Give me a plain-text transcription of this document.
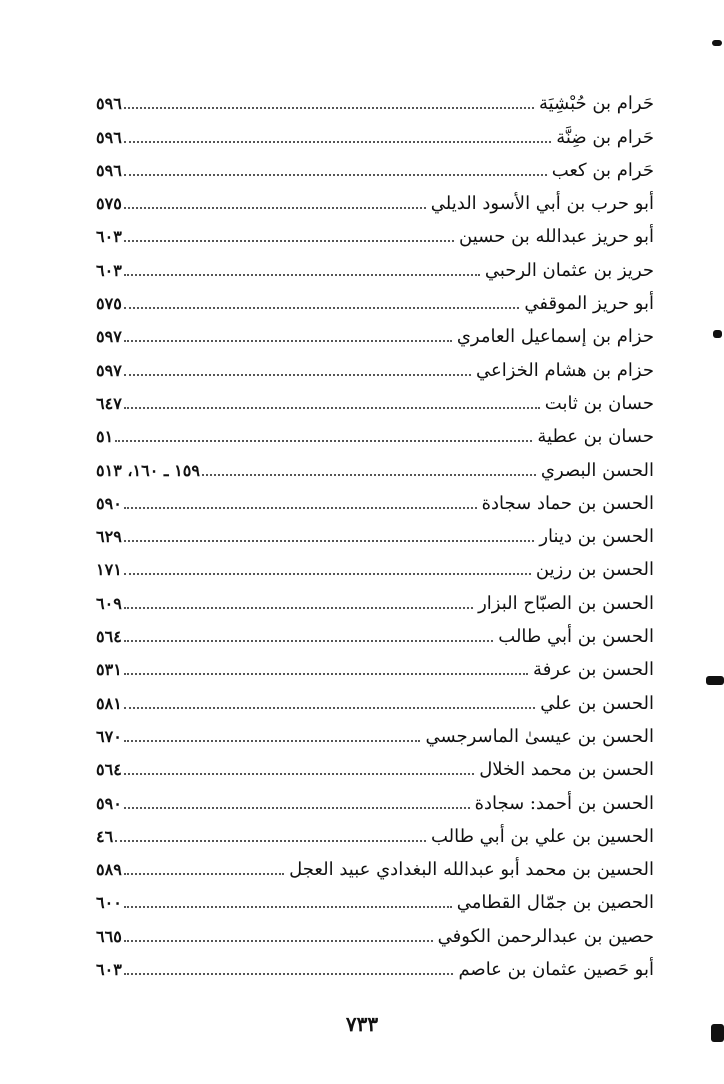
حَرام بن حُبْشِيَة
٥٩٦
حَرام بن ضِنَّة
٥٩٦
حَرام بن كعب
٥٩٦
أبو حرب بن أبي الأسود الديلي
٥٧٥
أبو حريز عبدالله بن حسين
٦٠٣
حريز بن عثمان الرحبي
٦٠٣
أبو حريز الموقفي
٥٧٥
حزام بن إسماعيل العامري
٥٩٧
حزام بن هشام الخزاعي
٥٩٧
حسان بن ثابت
٦٤٧
حسان بن عطية
٥١
الحسن البصري
١٥٩ ـ ١٦٠، ٥١٣
الحسن بن حماد سجادة
٥٩٠
الحسن بن دينار
٦٢٩
الحسن بن رزين
١٧١
الحسن بن الصبّاح البزار
٦٠٩
الحسن بن أبي طالب
٥٦٤
الحسن بن عرفة
٥٣١
الحسن بن علي
٥٨١
الحسن بن عيسىٰ الماسرجسي
٦٧٠
الحسن بن محمد الخلال
٥٦٤
الحسن بن أحمد: سجادة
٥٩٠
الحسين بن علي بن أبي طالب
٤٦
الحسين بن محمد أبو عبدالله البغدادي عبيد العجل
٥٨٩
الحصين بن جمّال القطامي
٦٠٠
حصين بن عبدالرحمن الكوفي
٦٦٥
أبو حَصين عثمان بن عاصم
٦٠٣
٧٣٣
